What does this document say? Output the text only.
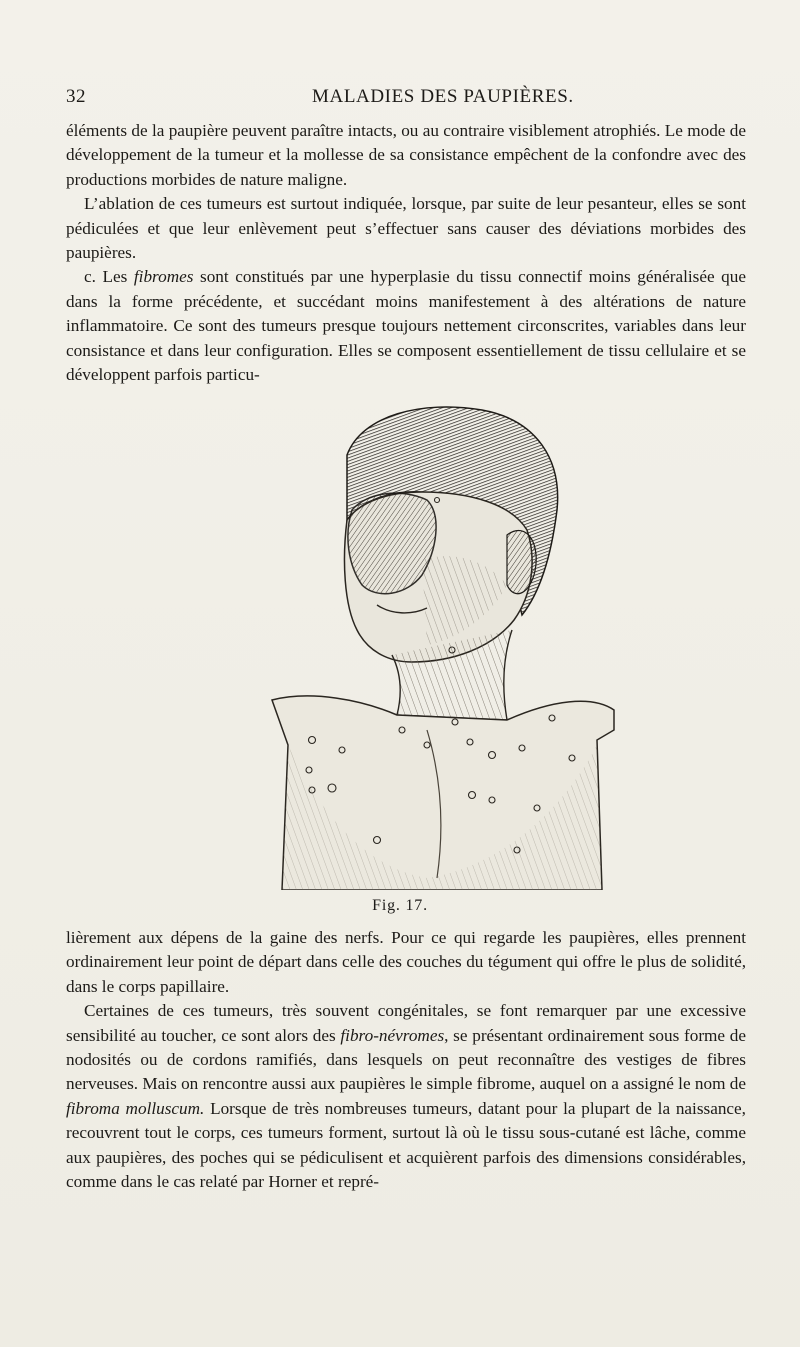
32	MALADIES DES PAUPIÈRES.

éléments de la paupière peuvent paraître intacts, ou au contraire visiblement atrophiés. Le mode de développement de la tumeur et la mollesse de sa consistance empêchent de la confondre avec des productions morbides de nature maligne.

L’ablation de ces tumeurs est surtout indiquée, lorsque, par suite de leur pesanteur, elles se sont pédiculées et que leur enlèvement peut s’effectuer sans causer des déviations morbides des paupières.

c. Les fibromes sont constitués par une hyperplasie du tissu connectif moins généralisée que dans la forme précédente, et succédant moins manifestement à des altérations de nature inflammatoire. Ce sont des tumeurs presque toujours nettement circonscrites, variables dans leur consistance et dans leur configuration. Elles se composent essentiellement de tissu cellulaire et se développent parfois particu-

Fig. 17.

lièrement aux dépens de la gaine des nerfs. Pour ce qui regarde les paupières, elles prennent ordinairement leur point de départ dans celle des couches du tégument qui offre le plus de solidité, dans le corps papillaire.

Certaines de ces tumeurs, très souvent congénitales, se font remarquer par une excessive sensibilité au toucher, ce sont alors des fibro-névromes, se présentant ordinairement sous forme de nodosités ou de cordons ramifiés, dans lesquels on peut reconnaître des vestiges de fibres nerveuses. Mais on rencontre aussi aux paupières le simple fibrome, auquel on a assigné le nom de fibroma molluscum. Lorsque de très nombreuses tumeurs, datant pour la plupart de la naissance, recouvrent tout le corps, ces tumeurs forment, surtout là où le tissu sous-cutané est lâche, comme aux paupières, des poches qui se pédiculisent et acquièrent parfois des dimensions considérables, comme dans le cas relaté par Horner et repré-
